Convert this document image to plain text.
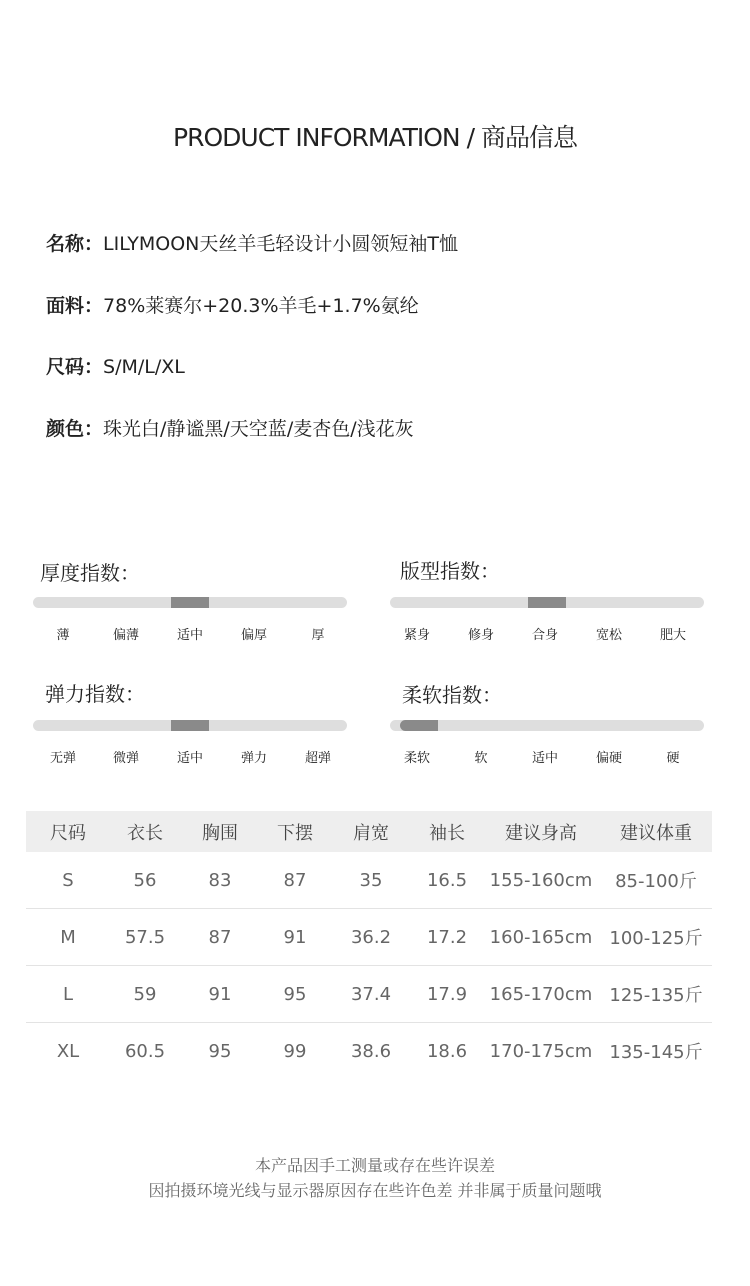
PRODUCT INFORMATION / 商品信息
名称：LILYMOON天丝羊毛轻设计小圆领短袖T恤
面料：78%莱赛尔+20.3%羊毛+1.7%氨纶
尺码：S/M/L/XL
颜色：珠光白/静谧黑/天空蓝/麦杏色/浅花灰
厚度指数：
薄	偏薄	适中	偏厚	厚
版型指数：
紧身	修身	合身	宽松	肥大
弹力指数：
无弹	微弹	适中	弹力	超弹
柔软指数：
柔软	软	适中	偏硬	硬
尺码	衣长	胸围	下摆	肩宽	袖长	建议身高	建议体重
S	56	83	87	35	16.5	155-160cm	85-100斤
M	57.5	87	91	36.2	17.2	160-165cm	100-125斤
L	59	91	95	37.4	17.9	165-170cm	125-135斤
XL	60.5	95	99	38.6	18.6	170-175cm	135-145斤
本产品因手工测量或存在些许误差
因拍摄环境光线与显示器原因存在些许色差 并非属于质量问题哦
